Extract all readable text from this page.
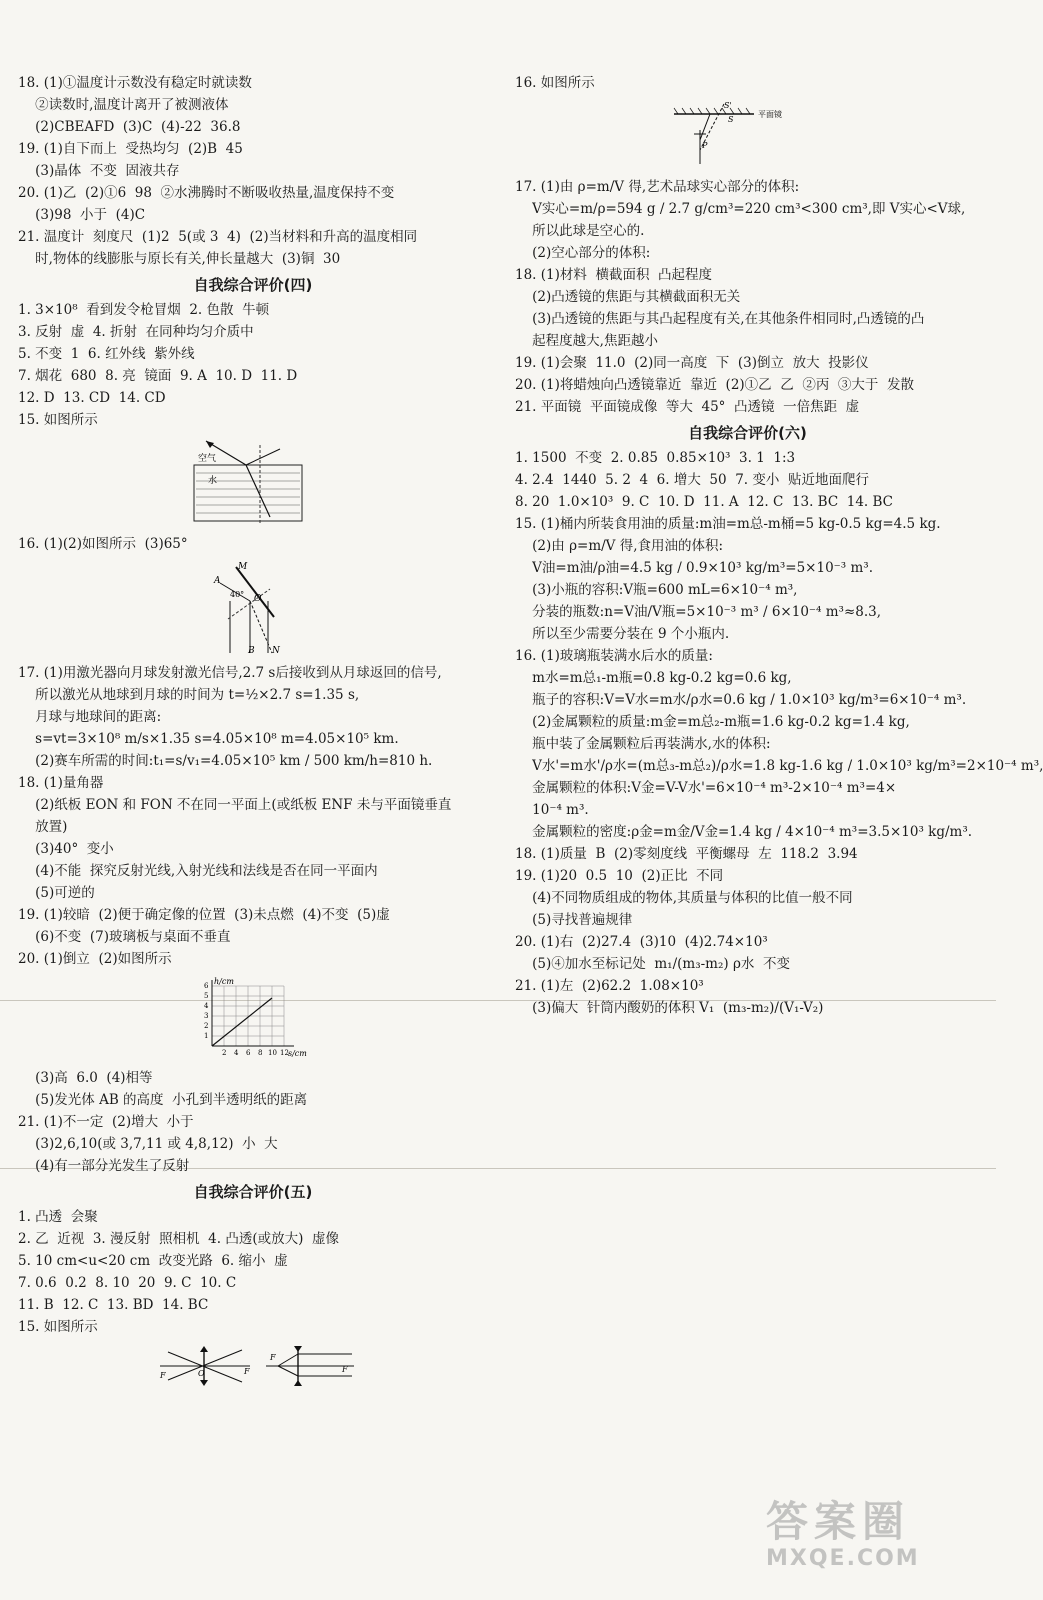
18. (1)①温度计示数没有稳定时就读数
②读数时,温度计离开了被测液体
(2)CBEAFD  (3)C  (4)-22  36.8
19. (1)自下而上  受热均匀  (2)B  45
(3)晶体  不变  固液共存
20. (1)乙  (2)①6  98  ②水沸腾时不断吸收热量,温度保持不变
(3)98  小于  (4)C
21. 温度计  刻度尺  (1)2  5(或 3  4)  (2)当材料和升高的温度相同
时,物体的线膨胀与原长有关,伸长量越大  (3)铜  30
自我综合评价(四)
1. 3×10⁸  看到发令枪冒烟  2. 色散  牛顿
3. 反射  虚  4. 折射  在同种均匀介质中
5. 不变  1  6. 红外线  紫外线
7. 烟花  680  8. 亮  镜面  9. A  10. D  11. D
12. D  13. CD  14. CD
15. 如图所示
空气
水
16. (1)(2)如图所示  (3)65°
M
A
O
B N
40°
17. (1)用激光器向月球发射激光信号,2.7 s后接收到从月球返回的信号,
所以激光从地球到月球的时间为 t=½×2.7 s=1.35 s,
月球与地球间的距离:
s=vt=3×10⁸ m/s×1.35 s=4.05×10⁸ m=4.05×10⁵ km.
(2)赛车所需的时间:t₁=s/v₁=4.05×10⁵ km / 500 km/h=810 h.
18. (1)量角器
(2)纸板 EON 和 FON 不在同一平面上(或纸板 ENF 未与平面镜垂直
放置)
(3)40°  变小
(4)不能  探究反射光线,入射光线和法线是否在同一平面内
(5)可逆的
19. (1)较暗  (2)便于确定像的位置  (3)未点燃  (4)不变  (5)虚
(6)不变  (7)玻璃板与桌面不垂直
20. (1)倒立  (2)如图所示
h/cm
s/cm
1
2
3
4
5
6
2 4 6 8 10 12
(3)高  6.0  (4)相等
(5)发光体 AB 的高度  小孔到半透明纸的距离
21. (1)不一定  (2)增大  小于
(3)2,6,10(或 3,7,11 或 4,8,12)  小  大
(4)有一部分光发生了反射
自我综合评价(五)
1. 凸透  会聚
2. 乙  近视  3. 漫反射  照相机  4. 凸透(或放大)  虚像
5. 10 cm<u<20 cm  改变光路  6. 缩小  虚
7. 0.6  0.2  8. 10  20  9. C  10. C
11. B  12. C  13. BD  14. BC
15. 如图所示
F	O	F
F
F
16. 如图所示
S'
S
P
平面镜
17. (1)由 ρ=m/V 得,艺术品球实心部分的体积:
V实心=m/ρ=594 g / 2.7 g/cm³=220 cm³<300 cm³,即 V实心<V球,
所以此球是空心的.
(2)空心部分的体积:
18. (1)材料  横截面积  凸起程度
(2)凸透镜的焦距与其横截面积无关
(3)凸透镜的焦距与其凸起程度有关,在其他条件相同时,凸透镜的凸
起程度越大,焦距越小
19. (1)会聚  11.0  (2)同一高度  下  (3)倒立  放大  投影仪
20. (1)将蜡烛向凸透镜靠近  靠近  (2)①乙  乙  ②丙  ③大于  发散
21. 平面镜  平面镜成像  等大  45°  凸透镜  一倍焦距  虚
自我综合评价(六)
1. 1500  不变  2. 0.85  0.85×10³  3. 1  1:3
4. 2.4  1440  5. 2  4  6. 增大  50  7. 变小  贴近地面爬行
8. 20  1.0×10³  9. C  10. D  11. A  12. C  13. BC  14. BC
15. (1)桶内所装食用油的质量:m油=m总-m桶=5 kg-0.5 kg=4.5 kg.
(2)由 ρ=m/V 得,食用油的体积:
V油=m油/ρ油=4.5 kg / 0.9×10³ kg/m³=5×10⁻³ m³.
(3)小瓶的容积:V瓶=600 mL=6×10⁻⁴ m³,
分装的瓶数:n=V油/V瓶=5×10⁻³ m³ / 6×10⁻⁴ m³≈8.3,
所以至少需要分装在 9 个小瓶内.
16. (1)玻璃瓶装满水后水的质量:
m水=m总₁-m瓶=0.8 kg-0.2 kg=0.6 kg,
瓶子的容积:V=V水=m水/ρ水=0.6 kg / 1.0×10³ kg/m³=6×10⁻⁴ m³.
(2)金属颗粒的质量:m金=m总₂-m瓶=1.6 kg-0.2 kg=1.4 kg,
瓶中装了金属颗粒后再装满水,水的体积:
V水'=m水'/ρ水=(m总₃-m总₂)/ρ水=1.8 kg-1.6 kg / 1.0×10³ kg/m³=2×10⁻⁴ m³,
金属颗粒的体积:V金=V-V水'=6×10⁻⁴ m³-2×10⁻⁴ m³=4×
10⁻⁴ m³.
金属颗粒的密度:ρ金=m金/V金=1.4 kg / 4×10⁻⁴ m³=3.5×10³ kg/m³.
18. (1)质量  B  (2)零刻度线  平衡螺母  左  118.2  3.94
19. (1)20  0.5  10  (2)正比  不同
(4)不同物质组成的物体,其质量与体积的比值一般不同
(5)寻找普遍规律
20. (1)右  (2)27.4  (3)10  (4)2.74×10³
(5)④加水至标记处  m₁/(m₃-m₂) ρ水  不变
21. (1)左  (2)62.2  1.08×10³
(3)偏大  针筒内酸奶的体积 V₁  (m₃-m₂)/(V₁-V₂)
答案圈
MXQE.COM
